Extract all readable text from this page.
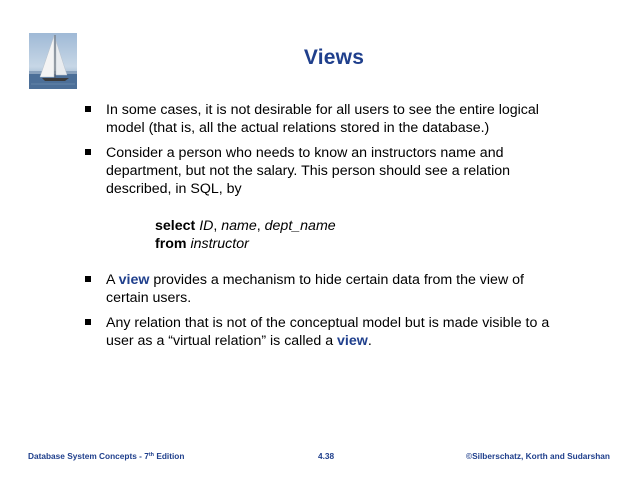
Views
In some cases, it is not desirable for all users to see the entire logical model (that is, all the actual relations stored in the database.)
Consider a person who needs to know an instructors name and department, but not the salary. This person should see a relation described, in SQL, by
select ID, name, dept_name
from instructor
A view provides a mechanism to hide certain data from the view of certain users.
Any relation that is not of the conceptual model but is made visible to a user as a “virtual relation” is called a view.
Database System Concepts - 7th Edition	4.38	©Silberschatz, Korth and Sudarshan
